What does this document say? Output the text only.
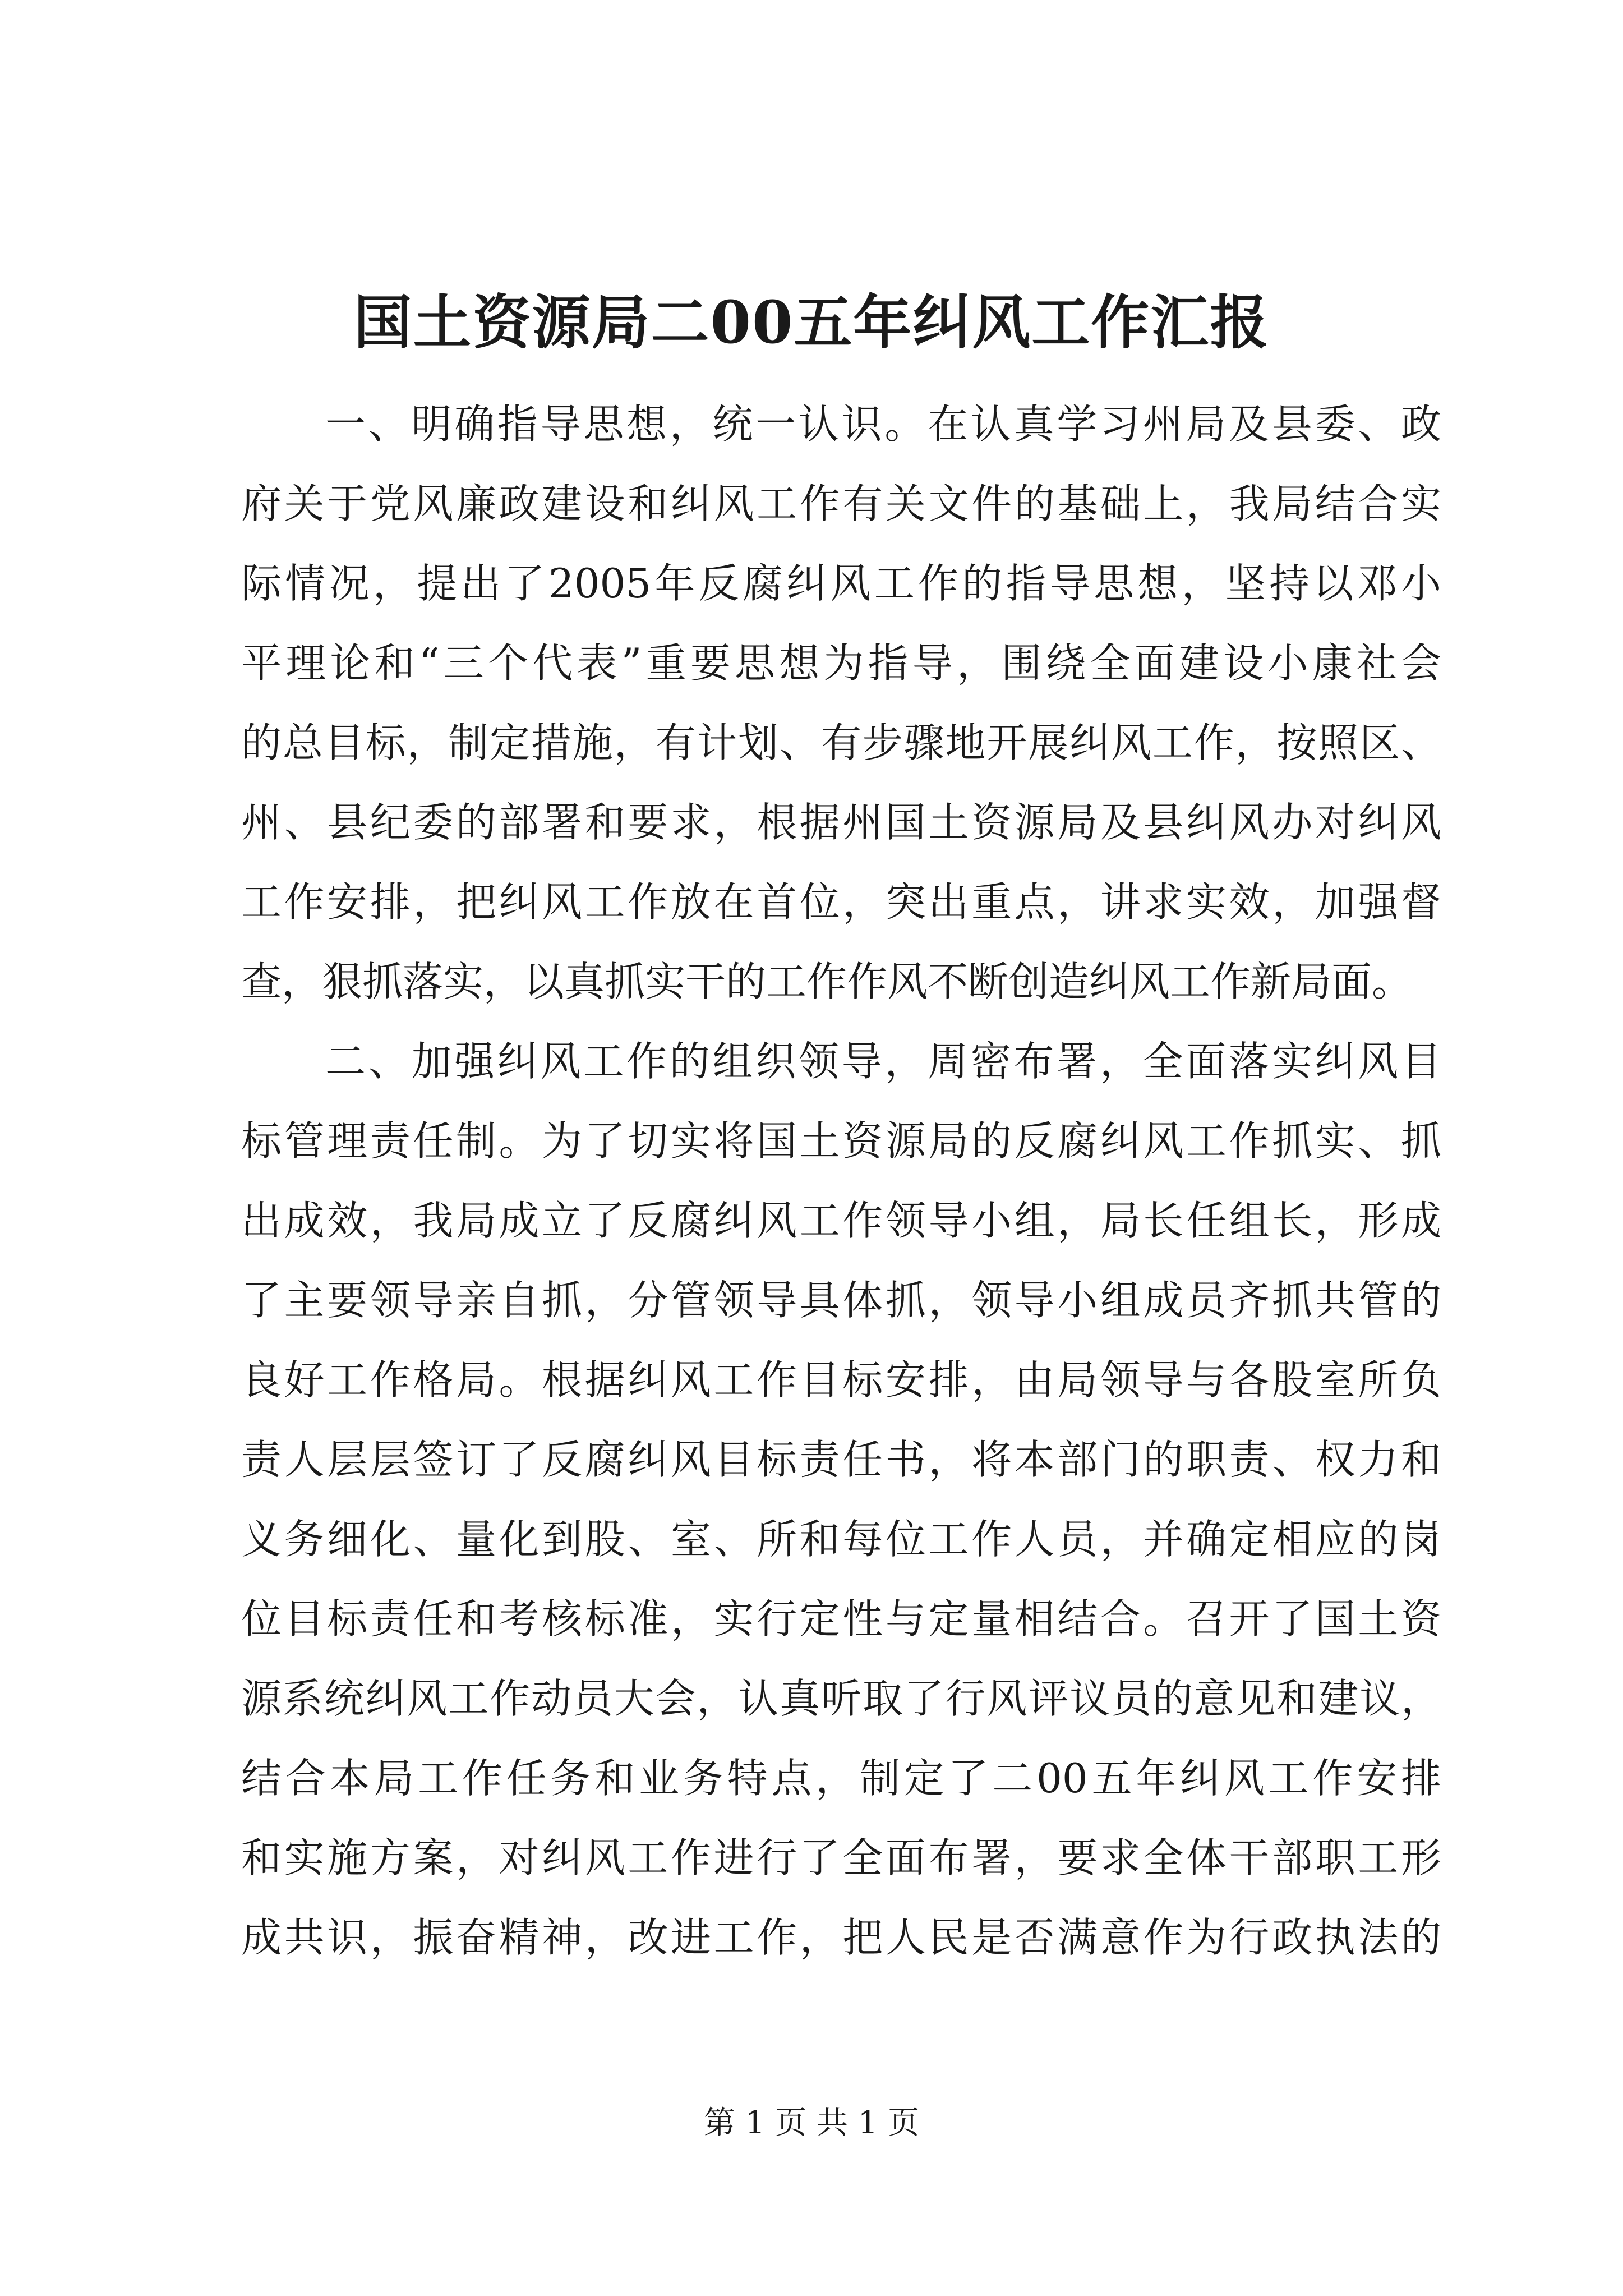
国土资源局二00五年纠风工作汇报
一、明确指导思想，统一认识。在认真学习州局及县委、政
府关于党风廉政建设和纠风工作有关文件的基础上，我局结合实
际情况，提出了2005年反腐纠风工作的指导思想，坚持以邓小
平理论和“三个代表”重要思想为指导，围绕全面建设小康社会
的总目标，制定措施，有计划、有步骤地开展纠风工作，按照区、
州、县纪委的部署和要求，根据州国土资源局及县纠风办对纠风
工作安排，把纠风工作放在首位，突出重点，讲求实效，加强督
查，狠抓落实，以真抓实干的工作作风不断创造纠风工作新局面。
二、加强纠风工作的组织领导，周密布署，全面落实纠风目
标管理责任制。为了切实将国土资源局的反腐纠风工作抓实、抓
出成效，我局成立了反腐纠风工作领导小组，局长任组长，形成
了主要领导亲自抓，分管领导具体抓，领导小组成员齐抓共管的
良好工作格局。根据纠风工作目标安排，由局领导与各股室所负
责人层层签订了反腐纠风目标责任书，将本部门的职责、权力和
义务细化、量化到股、室、所和每位工作人员，并确定相应的岗
位目标责任和考核标准，实行定性与定量相结合。召开了国土资
源系统纠风工作动员大会，认真听取了行风评议员的意见和建议，
结合本局工作任务和业务特点，制定了二00五年纠风工作安排
和实施方案，对纠风工作进行了全面布署，要求全体干部职工形
成共识，振奋精神，改进工作，把人民是否满意作为行政执法的
第 1 页 共 1 页
